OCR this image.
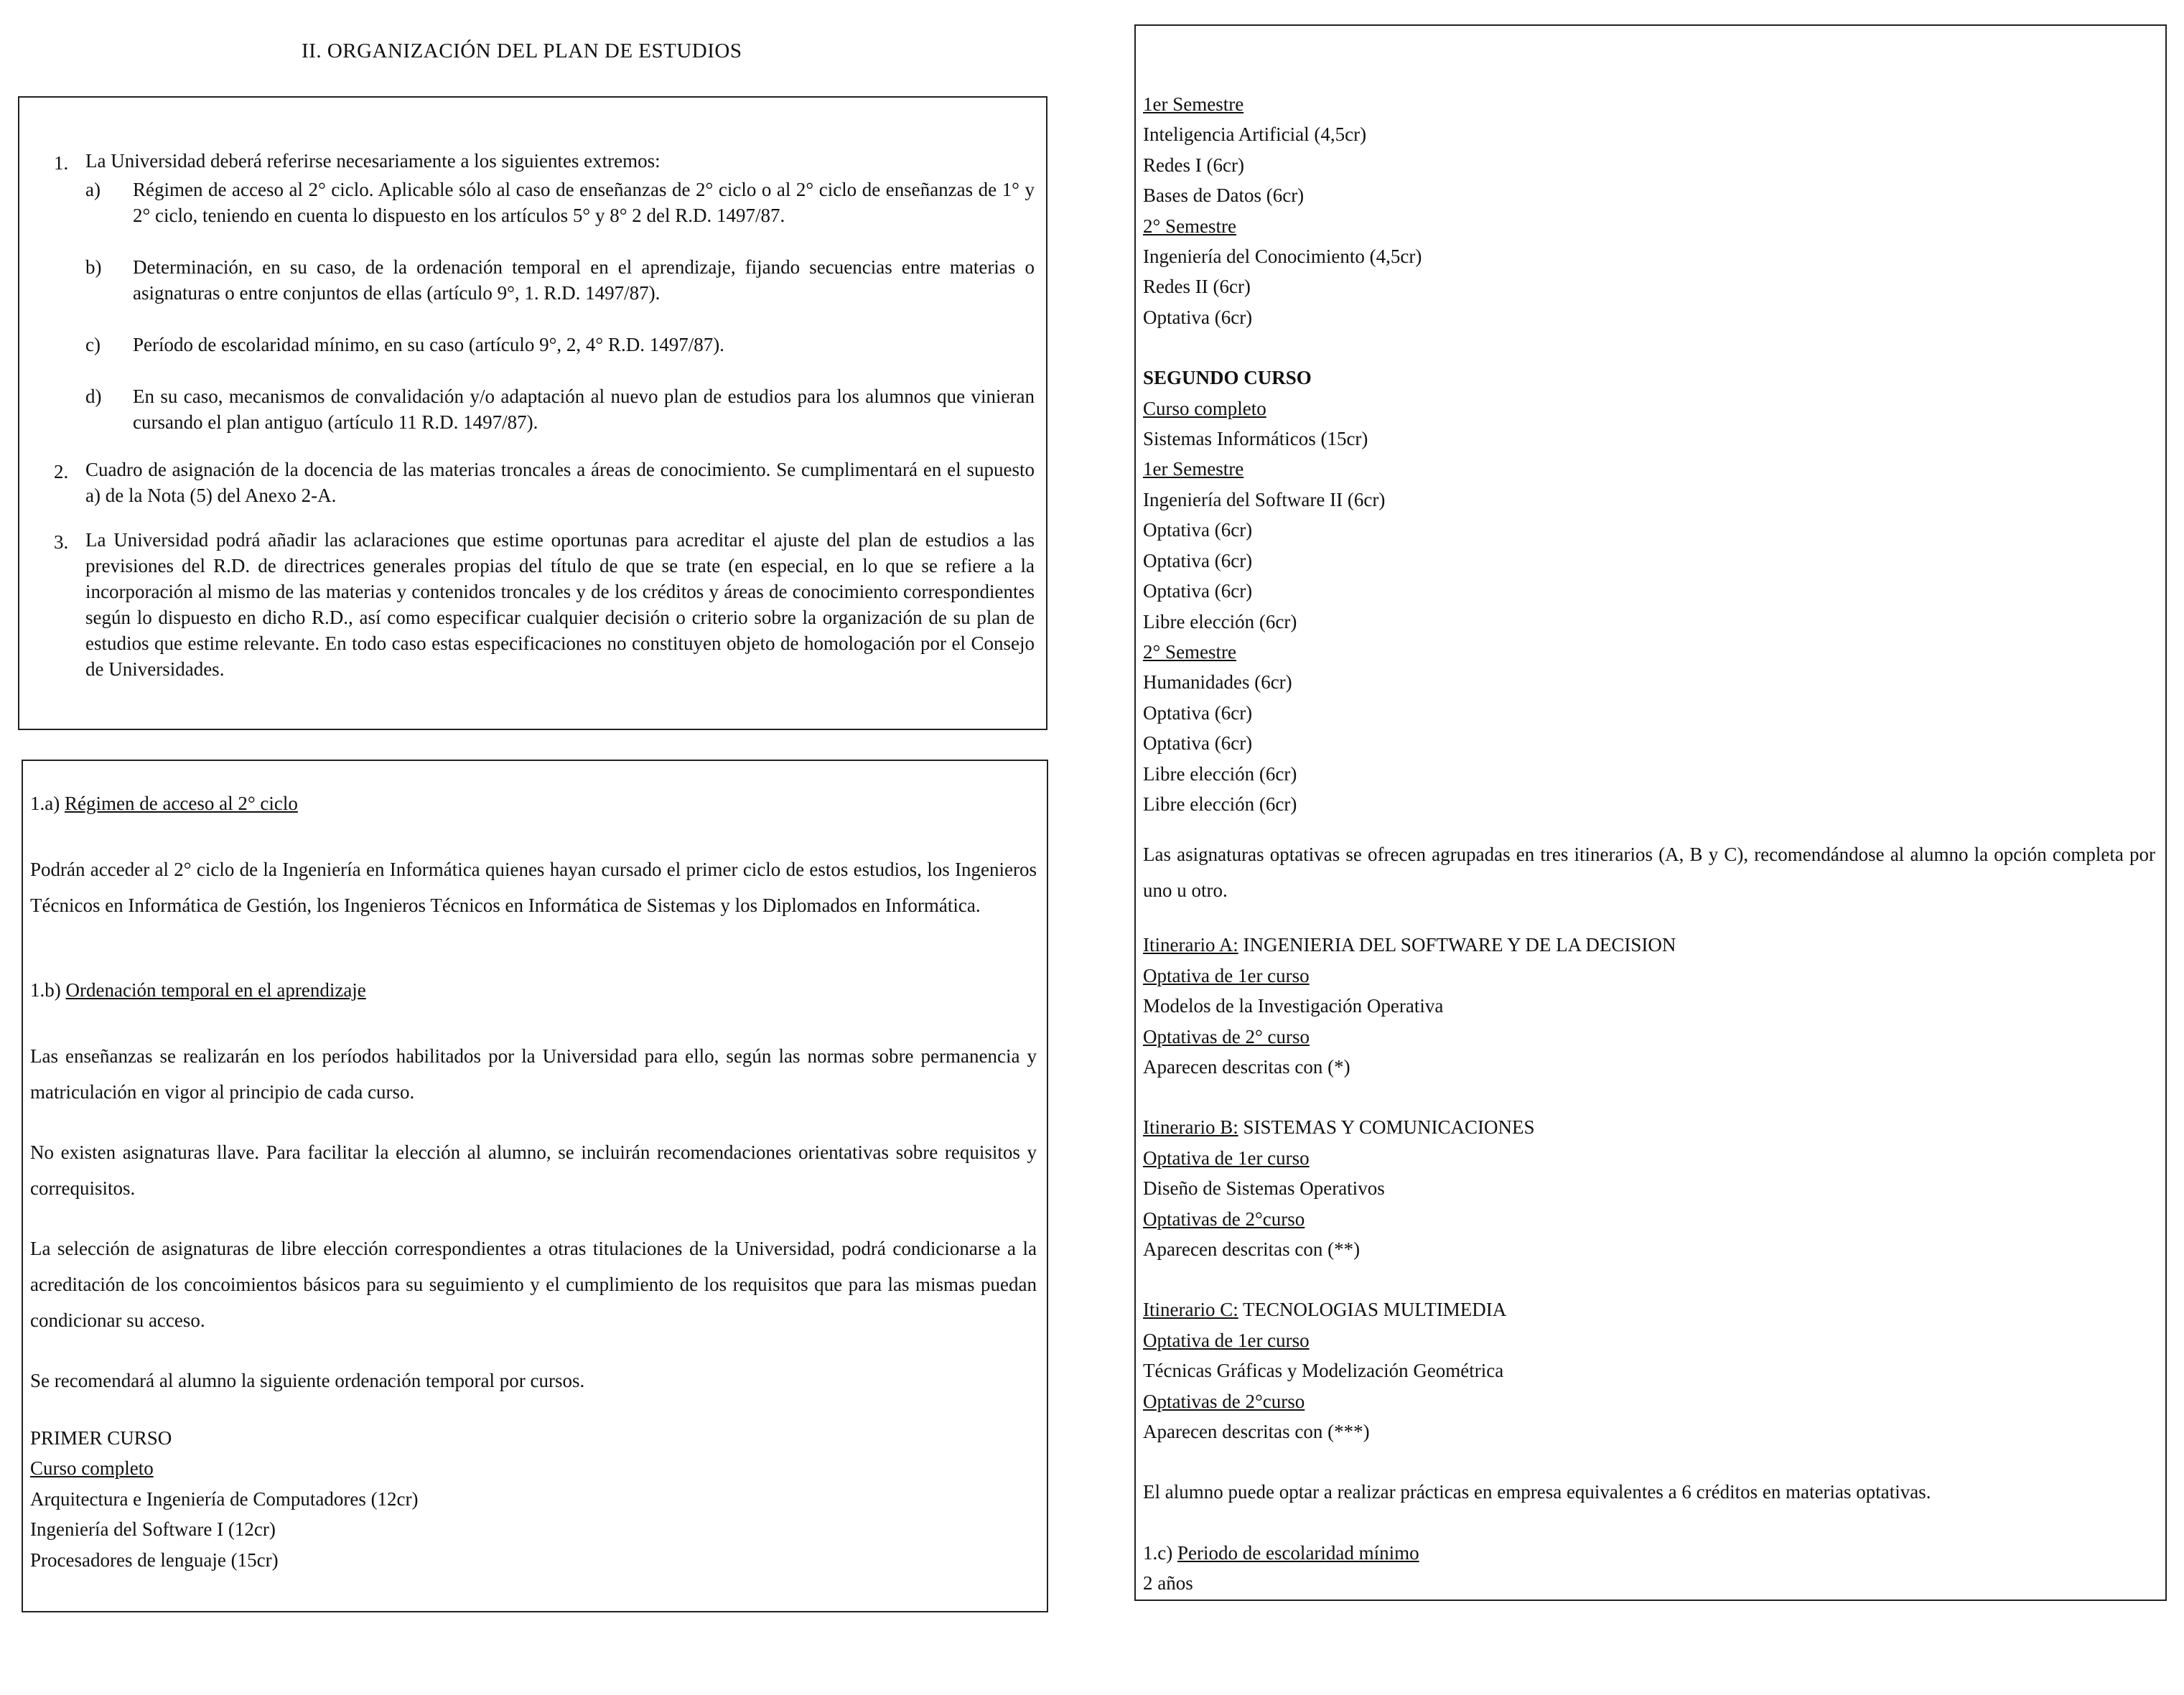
II. ORGANIZACIÓN DEL PLAN DE ESTUDIOS
1. La Universidad deberá referirse necesariamente a los siguientes extremos:
a)	Régimen de acceso al 2° ciclo. Aplicable sólo al caso de enseñanzas de 2° ciclo o al 2° ciclo de enseñanzas de 1° y 2° ciclo, teniendo en cuenta lo dispuesto en los artículos 5° y 8° 2 del R.D. 1497/87.
b)	Determinación, en su caso, de la ordenación temporal en el aprendizaje, fijando secuencias entre materias o asignaturas o entre conjuntos de ellas (artículo 9°, 1. R.D. 1497/87).
c)	Período de escolaridad mínimo, en su caso (artículo 9°, 2, 4° R.D. 1497/87).
d)	En su caso, mecanismos de convalidación y/o adaptación al nuevo plan de estudios para los alumnos que vinieran cursando el plan antiguo (artículo 11 R.D. 1497/87).
2. Cuadro de asignación de la docencia de las materias troncales a áreas de conocimiento. Se cumplimentará en el supuesto a) de la Nota (5) del Anexo 2-A.
3. La Universidad podrá añadir las aclaraciones que estime oportunas para acreditar el ajuste del plan de estudios a las previsiones del R.D. de directrices generales propias del título de que se trate (en especial, en lo que se refiere a la incorporación al mismo de las materias y contenidos troncales y de los créditos y áreas de conocimiento correspondientes según lo dispuesto en dicho R.D., así como especificar cualquier decisión o criterio sobre la organización de su plan de estudios que estime relevante. En todo caso estas especificaciones no constituyen objeto de homologación por el Consejo de Universidades.
1.a) Régimen de acceso al 2° ciclo

Podrán acceder al 2° ciclo de la Ingeniería en Informática quienes hayan cursado el primer ciclo de estos estudios, los Ingenieros Técnicos en Informática de Gestión, los Ingenieros Técnicos en Informática de Sistemas y los Diplomados en Informática.

1.b) Ordenación temporal en el aprendizaje

Las enseñanzas se realizarán en los períodos habilitados por la Universidad para ello, según las normas sobre permanencia y matriculación en vigor al principio de cada curso.

No existen asignaturas llave. Para facilitar la elección al alumno, se incluirán recomendaciones orientativas sobre requisitos y correquisitos.

La selección de asignaturas de libre elección correspondientes a otras titulaciones de la Universidad, podrá condicionarse a la acreditación de los concoimientos básicos para su seguimiento y el cumplimiento de los requisitos que para las mismas puedan condicionar su acceso.

Se recomendará al alumno la siguiente ordenación temporal por cursos.

PRIMER CURSO
Curso completo
Arquitectura e Ingeniería de Computadores (12cr)
Ingeniería del Software I (12cr)
Procesadores de lenguaje (15cr)
1er Semestre
Inteligencia Artificial (4,5cr)
Redes I (6cr)
Bases de Datos (6cr)
2° Semestre
Ingeniería del Conocimiento (4,5cr)
Redes II (6cr)
Optativa (6cr)
SEGUNDO CURSO
Curso completo
Sistemas Informáticos (15cr)
1er Semestre
Ingeniería del Software II (6cr)
Optativa (6cr)
Optativa (6cr)
Optativa (6cr)
Libre elección (6cr)
2° Semestre
Humanidades (6cr)
Optativa (6cr)
Optativa (6cr)
Libre elección (6cr)
Libre elección (6cr)

Las asignaturas optativas se ofrecen agrupadas en tres itinerarios (A, B y C), recomendándose al alumno la opción completa por uno u otro.

Itinerario A: INGENIERIA DEL SOFTWARE Y DE LA DECISION
Optativa de 1er curso
Modelos de la Investigación Operativa
Optativas de 2° curso
Aparecen descritas con (*)
Itinerario B: SISTEMAS Y COMUNICACIONES
Optativa de 1er curso
Diseño de Sistemas Operativos
Optativas de 2°curso
Aparecen descritas con (**)
Itinerario C: TECNOLOGIAS MULTIMEDIA
Optativa de 1er curso
Técnicas Gráficas y Modelización Geométrica
Optativas de 2°curso
Aparecen descritas con (***)
El alumno puede optar a realizar prácticas en empresa equivalentes a 6 créditos en materias optativas.
1.c) Periodo de escolaridad mínimo
2 años
